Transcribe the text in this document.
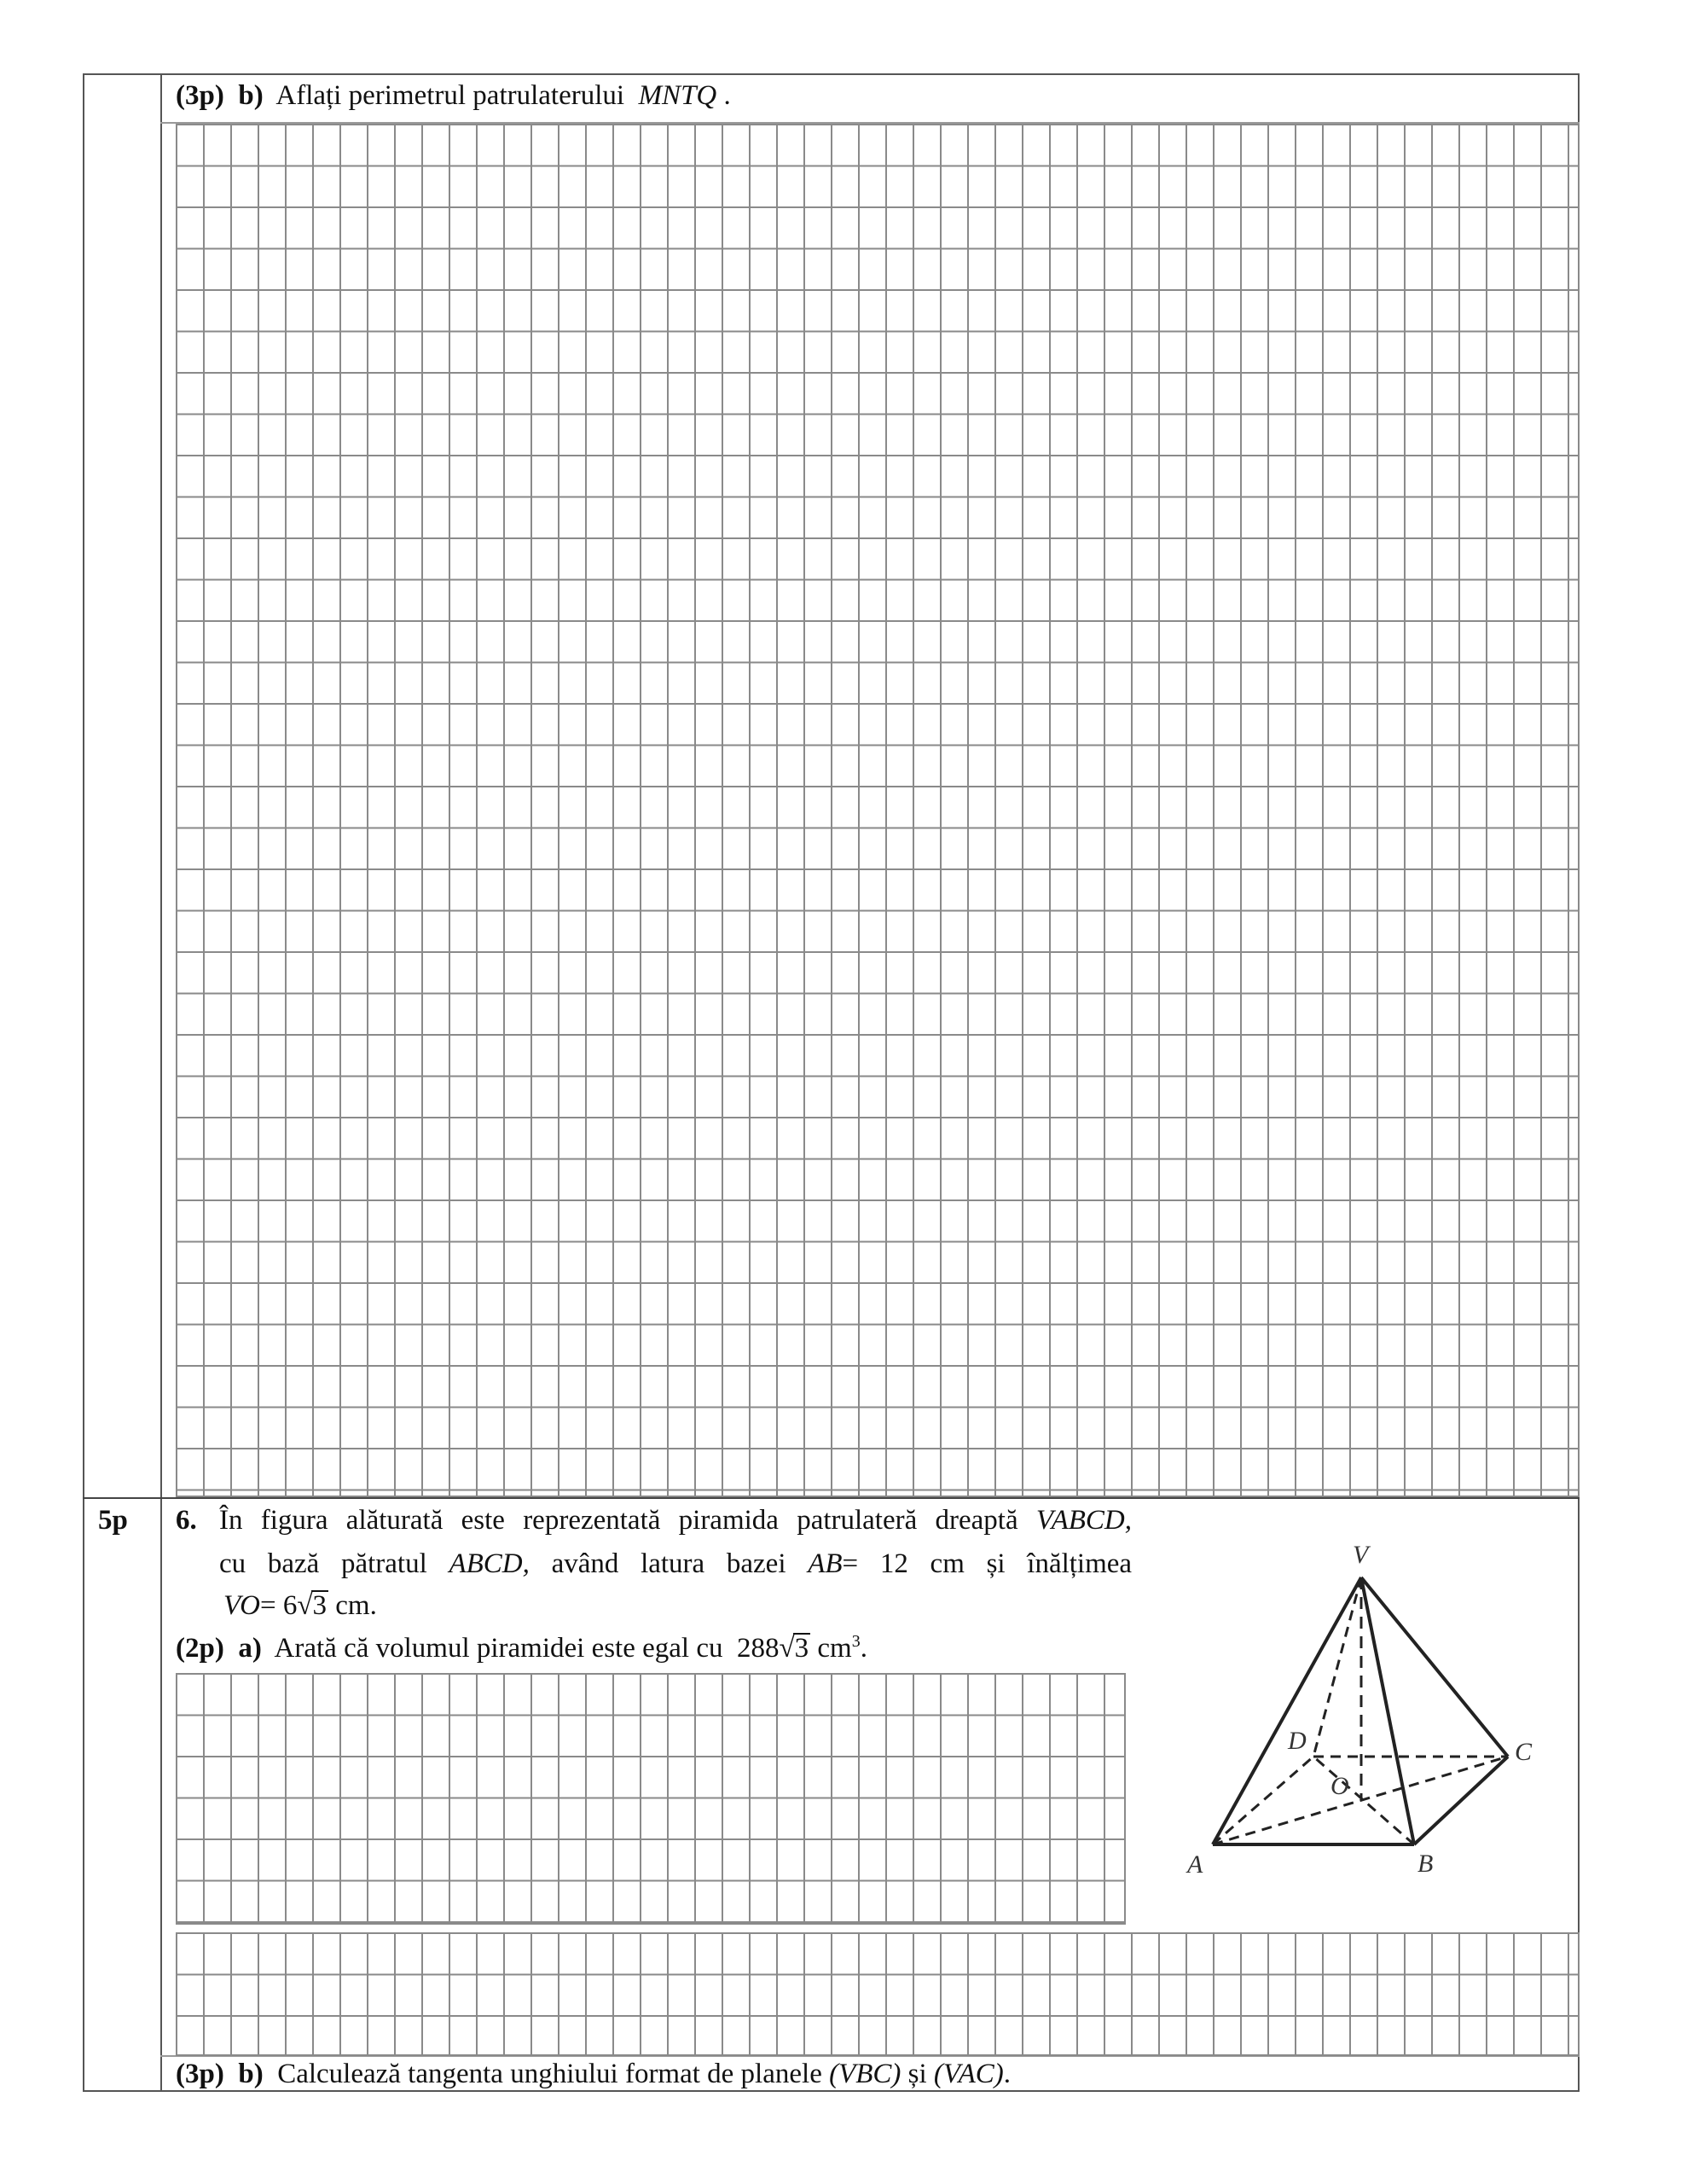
(3p) b) Aflați perimetrul patrulaterului MNTQ .
5p 6. În figura alăturată este reprezentată piramida patrulateră dreaptă VABCD,
cu bază pătratul ABCD, având latura bazei AB= 12 cm și înălțimea
VO= 6√3 cm.
(2p) a) Arată că volumul piramidei este egal cu 288√3 $cm^3$.
V
A	B
C
D
O
(3p) b) Calculează tangenta unghiului format de planele (VBC) și (VAC).
